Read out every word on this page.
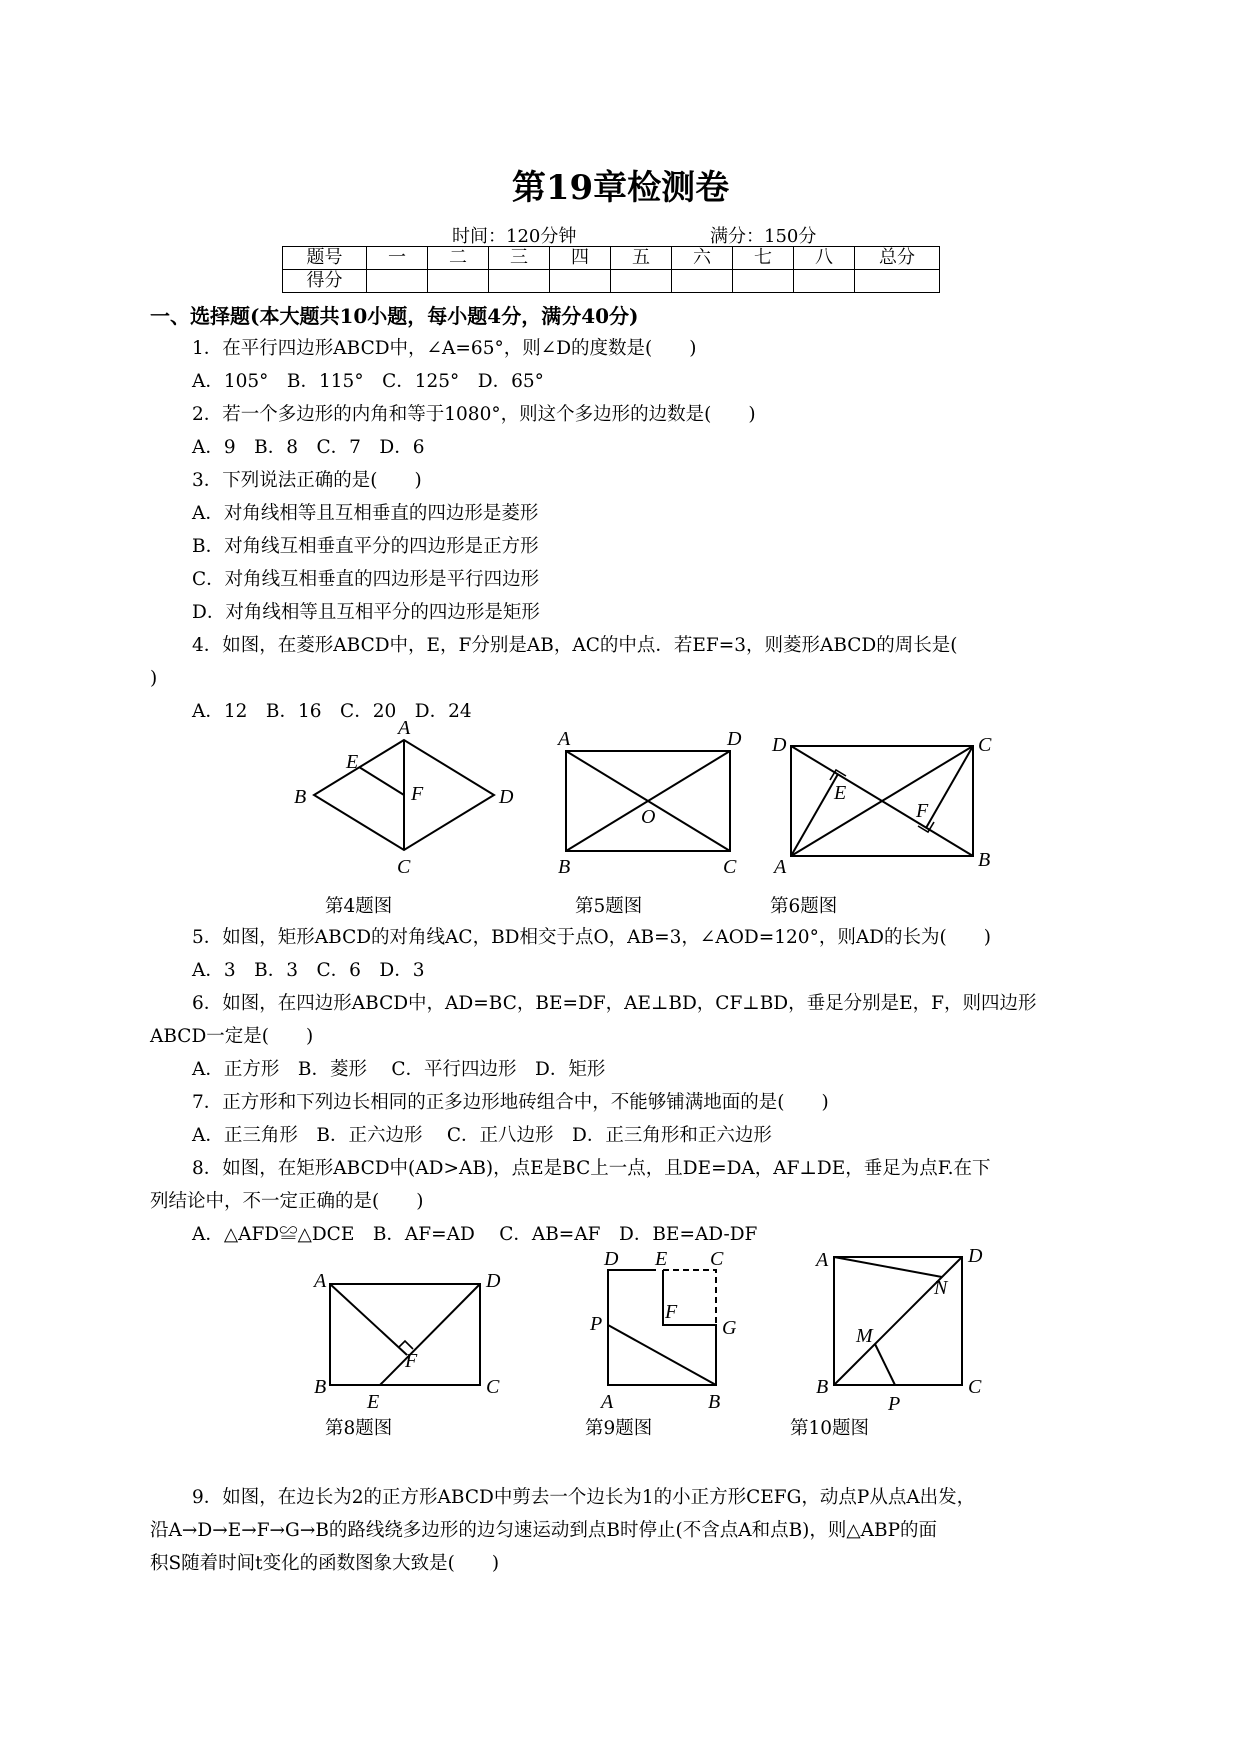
第19章检测卷
时间：120分钟	满分：150分
题号	一	二	三	四	五	六	七	八	总分
得分									
一、选择题(本大题共10小题，每小题4分，满分40分)
1．在平行四边形ABCD中，∠A=65°，则∠D的度数是(　　)
A．105°　B．115°　C．125°　D．65°
2．若一个多边形的内角和等于1080°，则这个多边形的边数是(　　)
A．9　B．8　C．7　D．6
3．下列说法正确的是(　　)
A．对角线相等且互相垂直的四边形是菱形
B．对角线互相垂直平分的四边形是正方形
C．对角线互相垂直的四边形是平行四边形
D．对角线相等且互相平分的四边形是矩形
4．如图，在菱形ABCD中，E，F分别是AB，AC的中点．若EF=3，则菱形ABCD的周长是(
)
A．12　B．16　C．20　D．24
A
B
C
D
E
F
A
B	C
D
O
A	B
C
D
E
F
A
B	C
D
E
F
A	B
C
D E
F
G
P
A
B	C
D
M
N
P
第4题图	第5题图	第6题图
5．如图，矩形ABCD的对角线AC，BD相交于点O，AB=3，∠AOD=120°，则AD的长为(　　)
A．3　B．3　C．6　D．3
6．如图，在四边形ABCD中，AD=BC，BE=DF，AE⊥BD，CF⊥BD，垂足分别是E，F，则四边形
ABCD一定是(　　)
A．正方形　B．菱形　 C．平行四边形　D．矩形
7．正方形和下列边长相同的正多边形地砖组合中，不能够铺满地面的是(　　)
A．正三角形　B．正六边形　 C．正八边形　D．正三角形和正六边形
8．如图，在矩形ABCD中(AD>AB)，点E是BC上一点，且DE=DA，AF⊥DE，垂足为点F.在下
列结论中，不一定正确的是(　　)
A．△AFD≌△DCE　B．AF=AD　 C．AB=AF　D．BE=AD-DF
第8题图	第9题图	第10题图
9．如图，在边长为2的正方形ABCD中剪去一个边长为1的小正方形CEFG，动点P从点A出发，
沿A→D→E→F→G→B的路线绕多边形的边匀速运动到点B时停止(不含点A和点B)，则△ABP的面
积S随着时间t变化的函数图象大致是(　　)
